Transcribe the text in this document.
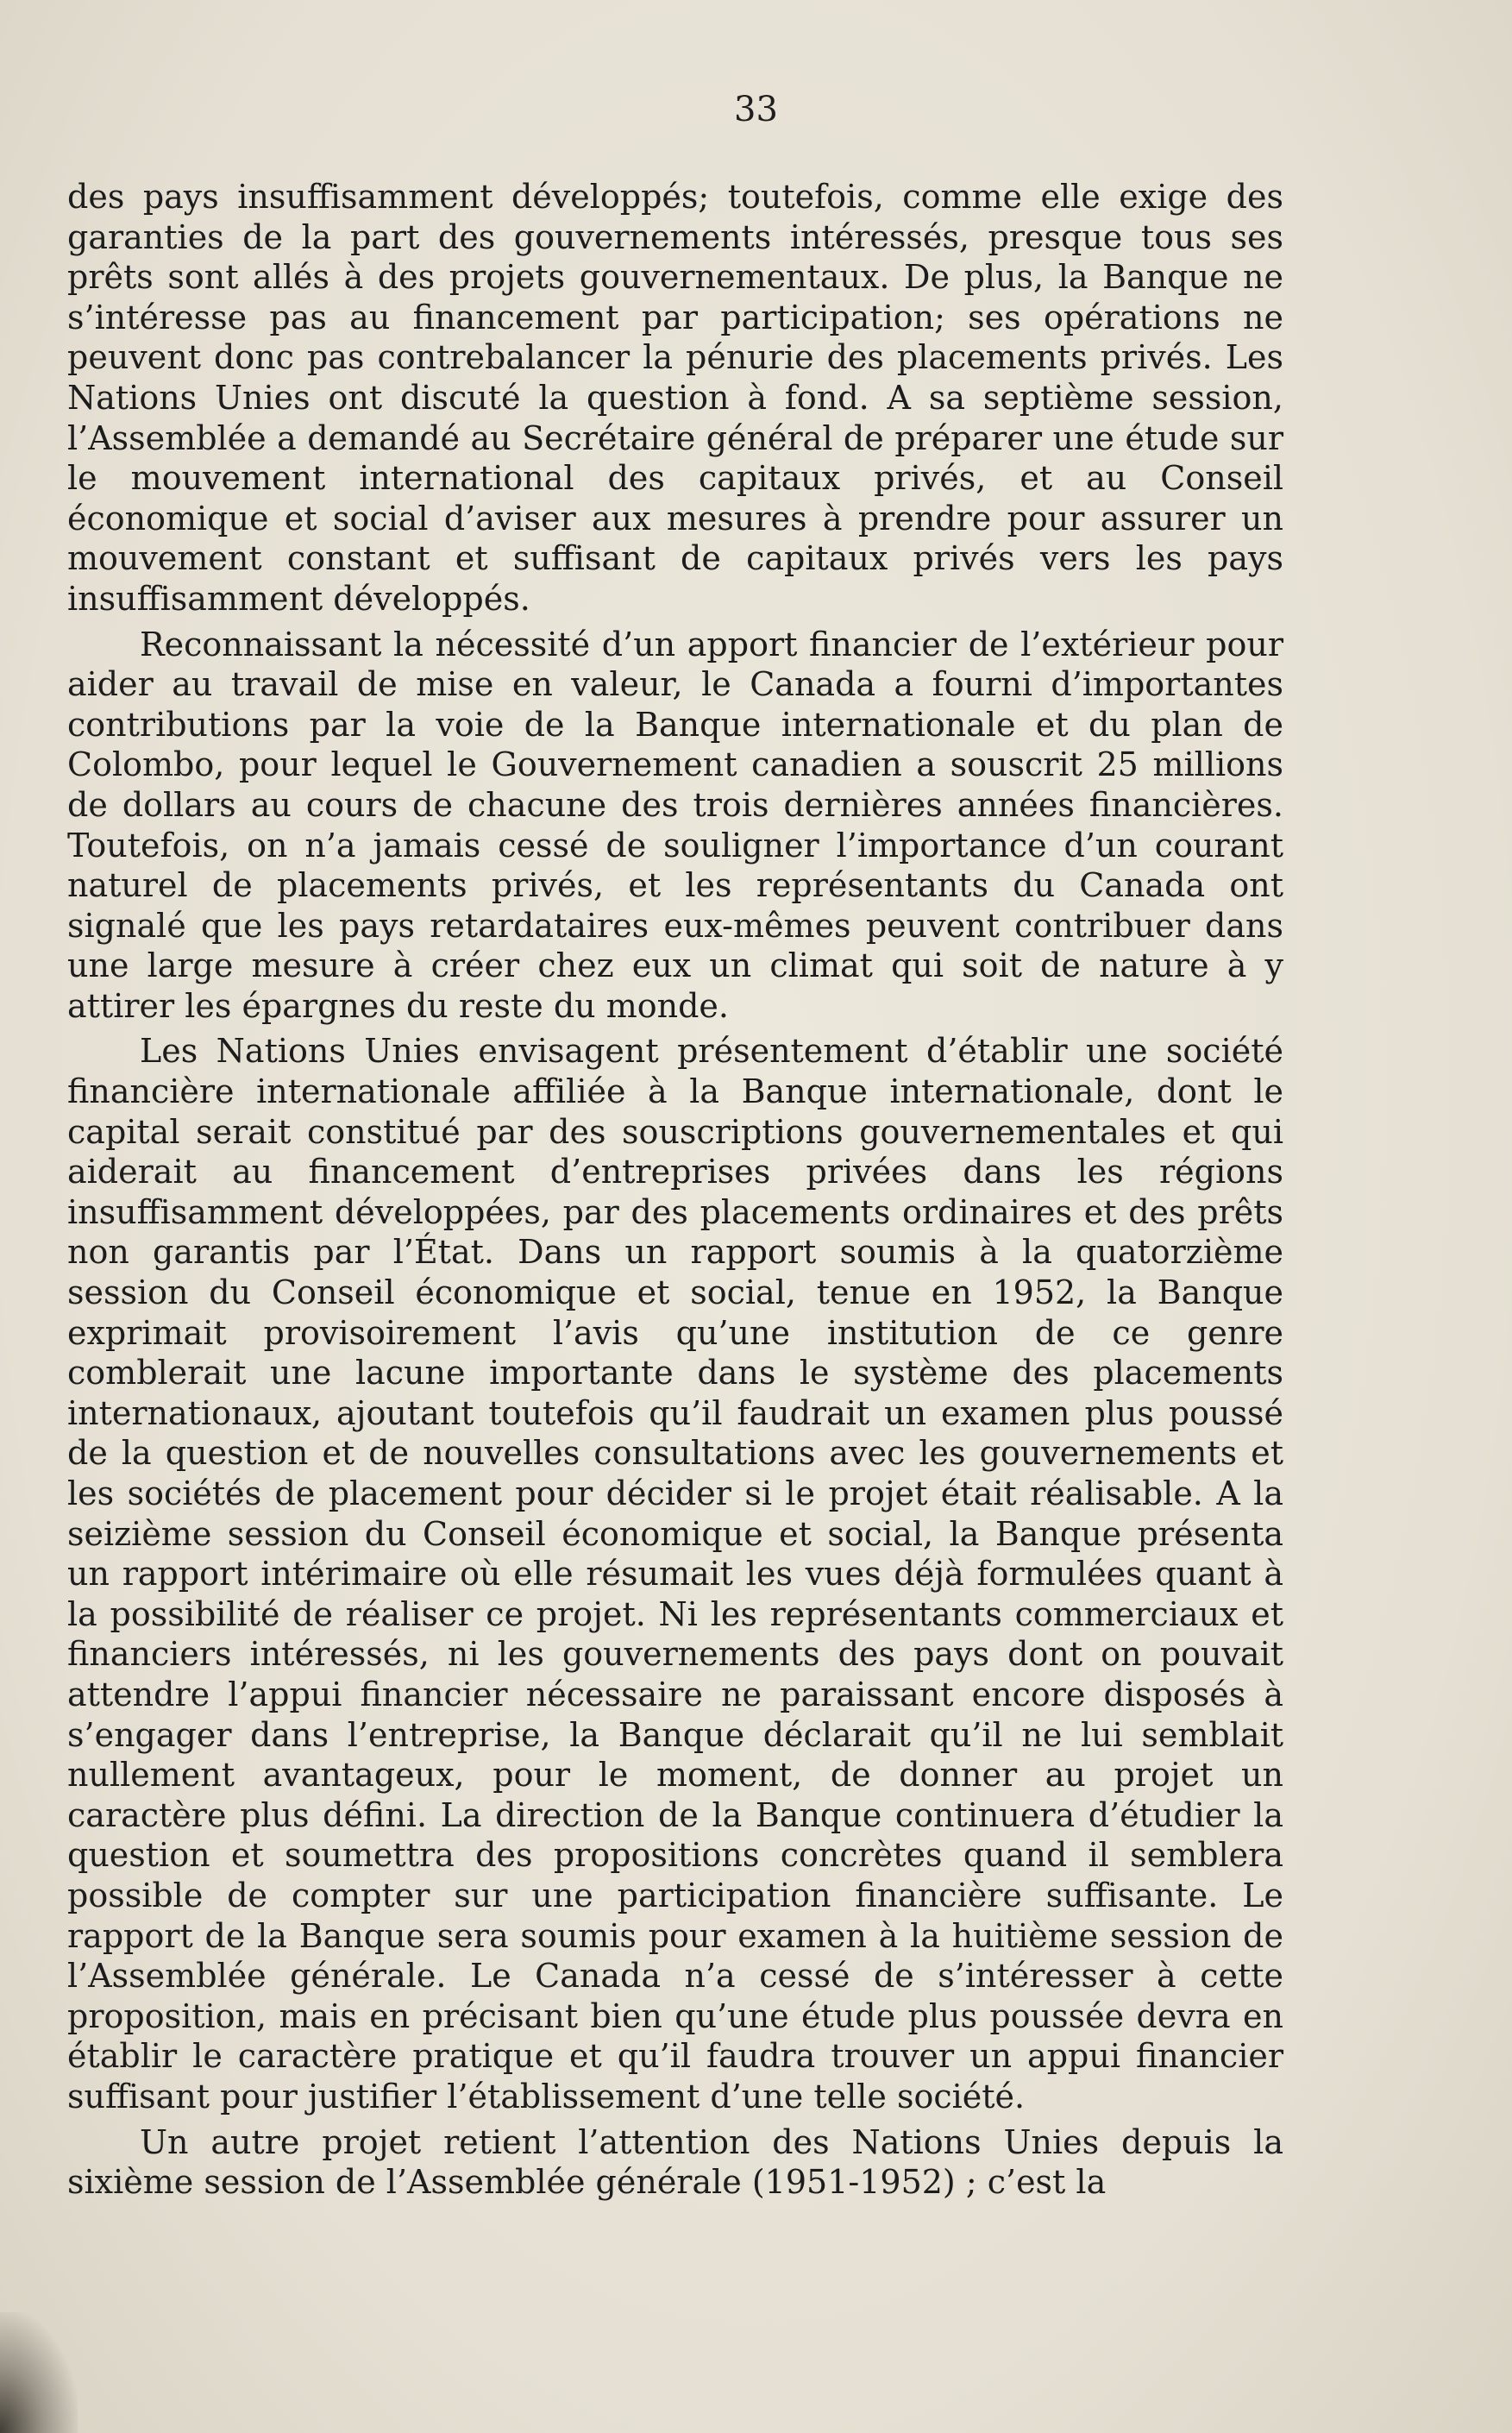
33

des pays insuffisamment développés; toutefois, comme elle exige des garanties de la part des gouvernements intéressés, presque tous ses prêts sont allés à des projets gouvernementaux. De plus, la Banque ne s’intéresse pas au financement par participation; ses opérations ne peuvent donc pas contrebalancer la pénurie des placements privés. Les Nations Unies ont discuté la question à fond. A sa septième session, l’Assemblée a demandé au Secrétaire général de préparer une étude sur le mouvement international des capitaux privés, et au Conseil économique et social d’aviser aux mesures à prendre pour assurer un mouvement constant et suffisant de capitaux privés vers les pays insuffisamment développés.

Reconnaissant la nécessité d’un apport financier de l’extérieur pour aider au travail de mise en valeur, le Canada a fourni d’importantes contributions par la voie de la Banque internationale et du plan de Colombo, pour lequel le Gouvernement canadien a souscrit 25 millions de dollars au cours de chacune des trois dernières années financières. Toutefois, on n’a jamais cessé de souligner l’importance d’un courant naturel de placements privés, et les représentants du Canada ont signalé que les pays retardataires eux-mêmes peuvent contribuer dans une large mesure à créer chez eux un climat qui soit de nature à y attirer les épargnes du reste du monde.

Les Nations Unies envisagent présentement d’établir une société financière internationale affiliée à la Banque internationale, dont le capital serait constitué par des souscriptions gouvernementales et qui aiderait au financement d’entreprises privées dans les régions insuffisamment développées, par des placements ordinaires et des prêts non garantis par l’État. Dans un rapport soumis à la quatorzième session du Conseil économique et social, tenue en 1952, la Banque exprimait provisoirement l’avis qu’une institution de ce genre comblerait une lacune importante dans le système des placements internationaux, ajoutant toutefois qu’il faudrait un examen plus poussé de la question et de nouvelles consultations avec les gouvernements et les sociétés de placement pour décider si le projet était réalisable. A la seizième session du Conseil économique et social, la Banque présenta un rapport intérimaire où elle résumait les vues déjà formulées quant à la possibilité de réaliser ce projet. Ni les représentants commerciaux et financiers intéressés, ni les gouvernements des pays dont on pouvait attendre l’appui financier nécessaire ne paraissant encore disposés à s’engager dans l’entreprise, la Banque déclarait qu’il ne lui semblait nullement avantageux, pour le moment, de donner au projet un caractère plus défini. La direction de la Banque continuera d’étudier la question et soumettra des propositions concrètes quand il semblera possible de compter sur une participation financière suffisante. Le rapport de la Banque sera soumis pour examen à la huitième session de l’Assemblée générale. Le Canada n’a cessé de s’intéresser à cette proposition, mais en précisant bien qu’une étude plus poussée devra en établir le caractère pratique et qu’il faudra trouver un appui financier suffisant pour justifier l’établissement d’une telle société.

Un autre projet retient l’attention des Nations Unies depuis la sixième session de l’Assemblée générale (1951-1952) ; c’est la
